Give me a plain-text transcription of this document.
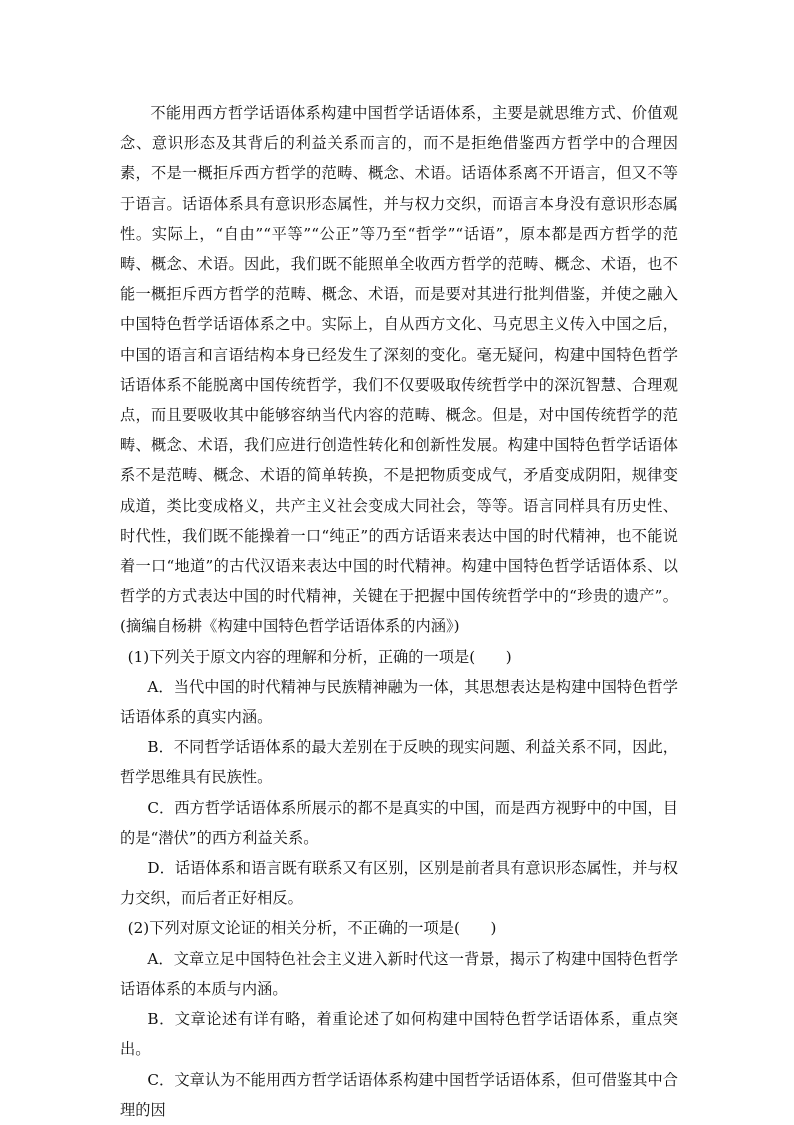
不能用西方哲学话语体系构建中国哲学话语体系，主要是就思维方式、价值观念、意识形态及其背后的利益关系而言的，而不是拒绝借鉴西方哲学中的合理因素，不是一概拒斥西方哲学的范畴、概念、术语。话语体系离不开语言，但又不等于语言。话语体系具有意识形态属性，并与权力交织，而语言本身没有意识形态属性。实际上，“自由”“平等”“公正”等乃至“哲学”“话语”，原本都是西方哲学的范畴、概念、术语。因此，我们既不能照单全收西方哲学的范畴、概念、术语，也不能一概拒斥西方哲学的范畴、概念、术语，而是要对其进行批判借鉴，并使之融入中国特色哲学话语体系之中。实际上，自从西方文化、马克思主义传入中国之后，中国的语言和言语结构本身已经发生了深刻的变化。毫无疑问，构建中国特色哲学话语体系不能脱离中国传统哲学，我们不仅要吸取传统哲学中的深沉智慧、合理观点，而且要吸收其中能够容纳当代内容的范畴、概念。但是，对中国传统哲学的范畴、概念、术语，我们应进行创造性转化和创新性发展。构建中国特色哲学话语体系不是范畴、概念、术语的简单转换，不是把物质变成气，矛盾变成阴阳，规律变成道，类比变成格义，共产主义社会变成大同社会，等等。语言同样具有历史性、时代性，我们既不能操着一口“纯正”的西方话语来表达中国的时代精神，也不能说着一口“地道”的古代汉语来表达中国的时代精神。构建中国特色哲学话语体系、以哲学的方式表达中国的时代精神，关键在于把握中国传统哲学中的“珍贵的遗产”。(摘编自杨耕《构建中国特色哲学话语体系的内涵》)

(1)下列关于原文内容的理解和分析，正确的一项是(　　)

A．当代中国的时代精神与民族精神融为一体，其思想表达是构建中国特色哲学话语体系的真实内涵。

B．不同哲学话语体系的最大差别在于反映的现实问题、利益关系不同，因此，哲学思维具有民族性。

C．西方哲学话语体系所展示的都不是真实的中国，而是西方视野中的中国，目的是“潜伏”的西方利益关系。

D．话语体系和语言既有联系又有区别，区别是前者具有意识形态属性，并与权力交织，而后者正好相反。

(2)下列对原文论证的相关分析，不正确的一项是(　　)

A．文章立足中国特色社会主义进入新时代这一背景，揭示了构建中国特色哲学话语体系的本质与内涵。

B．文章论述有详有略，着重论述了如何构建中国特色哲学话语体系，重点突出。

C．文章认为不能用西方哲学话语体系构建中国哲学话语体系，但可借鉴其中合理的因
